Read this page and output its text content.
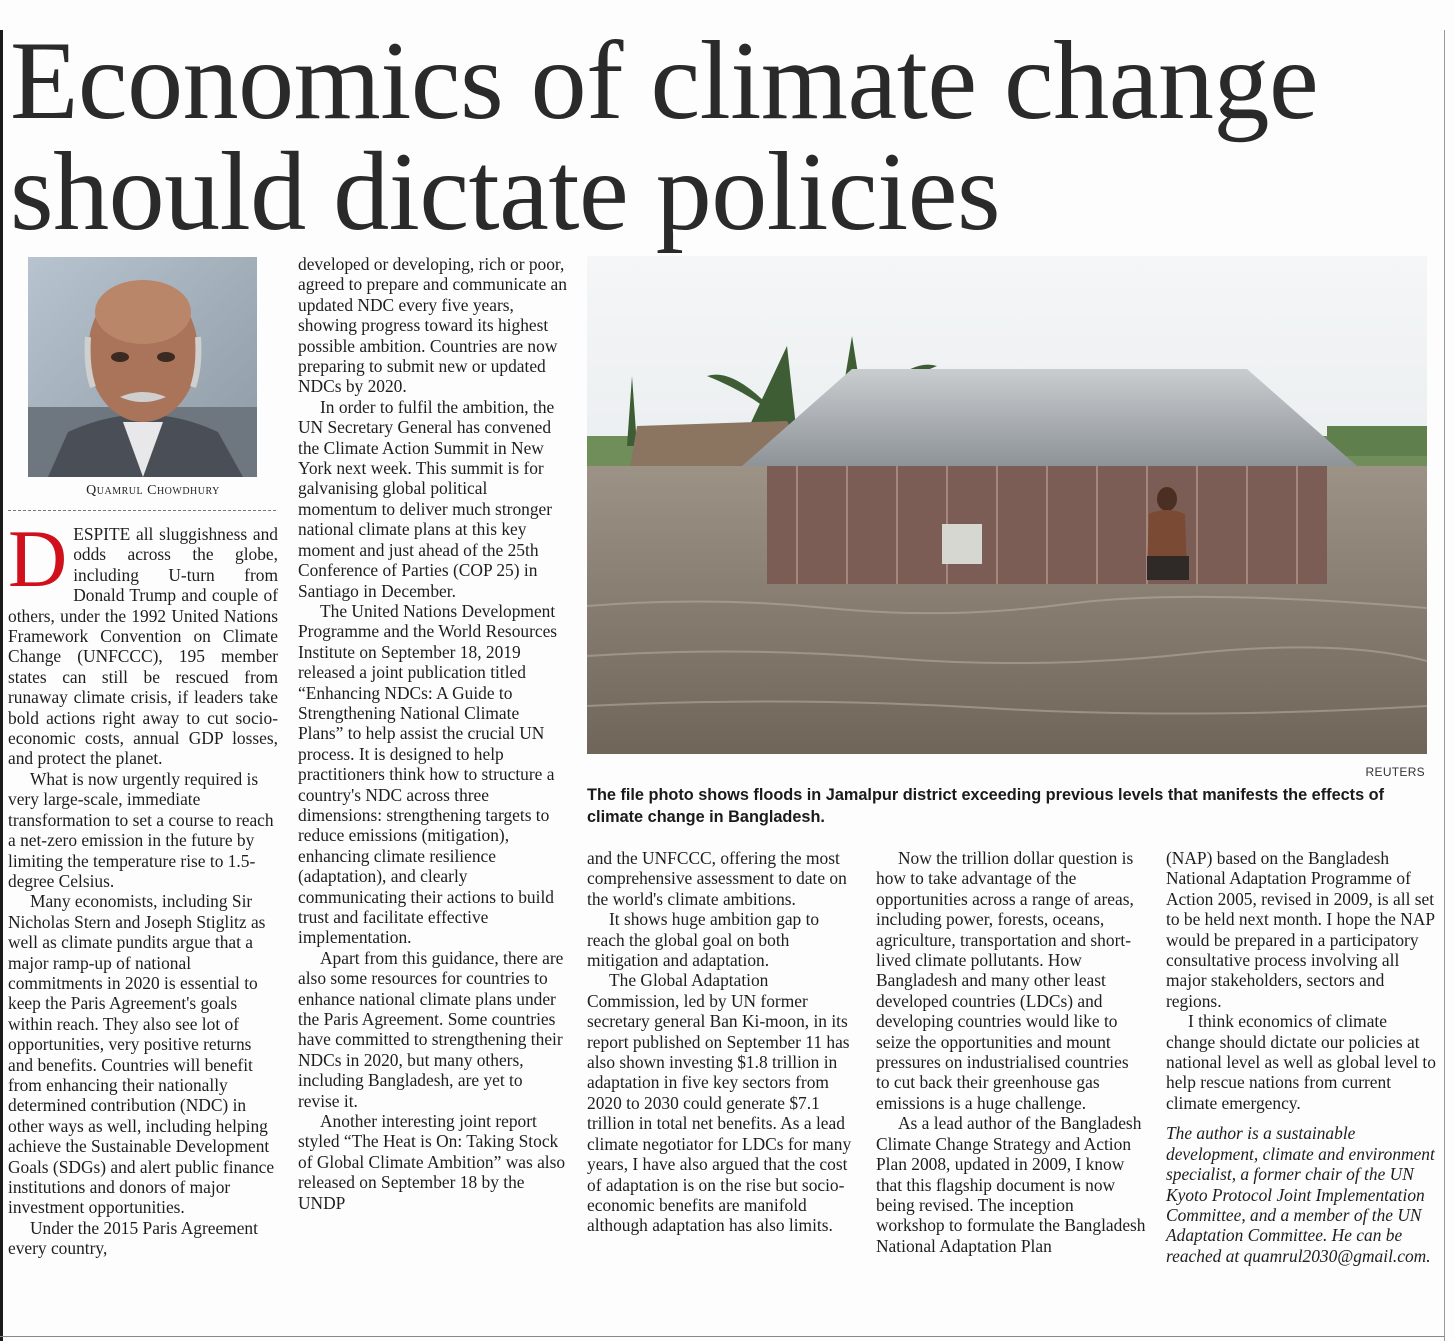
Economics of climate change should dictate policies
Quamrul Chowdhury

DESPITE all sluggishness and odds across the globe, including U-turn from Donald Trump and couple of others, under the 1992 United Nations Framework Convention on Climate Change (UNFCCC), 195 member states can still be rescued from runaway climate crisis, if leaders take bold actions right away to cut socio-economic costs, annual GDP losses, and protect the planet.

What is now urgently required is very large-scale, immediate transformation to set a course to reach a net-zero emission in the future by limiting the temperature rise to 1.5-degree Celsius.

Many economists, including Sir Nicholas Stern and Joseph Stiglitz as well as climate pundits argue that a major ramp-up of national commitments in 2020 is essential to keep the Paris Agreement's goals within reach. They also see lot of opportunities, very positive returns and benefits. Countries will benefit from enhancing their nationally determined contribution (NDC) in other ways as well, including helping achieve the Sustainable Development Goals (SDGs) and alert public finance institutions and donors of major investment opportunities.

Under the 2015 Paris Agreement every country,

developed or developing, rich or poor, agreed to prepare and communicate an updated NDC every five years, showing progress toward its highest possible ambition. Countries are now preparing to submit new or updated NDCs by 2020.

In order to fulfil the ambition, the UN Secretary General has convened the Climate Action Summit in New York next week. This summit is for galvanising global political momentum to deliver much stronger national climate plans at this key moment and just ahead of the 25th Conference of Parties (COP 25) in Santiago in December.

The United Nations Development Programme and the World Resources Institute on September 18, 2019 released a joint publication titled “Enhancing NDCs: A Guide to Strengthening National Climate Plans” to help assist the crucial UN process. It is designed to help practitioners think how to structure a country's NDC across three dimensions: strengthening targets to reduce emissions (mitigation), enhancing climate resilience (adaptation), and clearly communicating their actions to build trust and facilitate effective implementation.

Apart from this guidance, there are also some resources for countries to enhance national climate plans under the Paris Agreement. Some countries have committed to strengthening their NDCs in 2020, but many others, including Bangladesh, are yet to revise it.

Another interesting joint report styled “The Heat is On: Taking Stock of Global Climate Ambition” was also released on September 18 by the UNDP

REUTERS
The file photo shows floods in Jamalpur district exceeding previous levels that manifests the effects of climate change in Bangladesh.

and the UNFCCC, offering the most comprehensive assessment to date on the world's climate ambitions.

It shows huge ambition gap to reach the global goal on both mitigation and adaptation.

The Global Adaptation Commission, led by UN former secretary general Ban Ki-moon, in its report published on September 11 has also shown investing $1.8 trillion in adaptation in five key sectors from 2020 to 2030 could generate $7.1 trillion in total net benefits. As a lead climate negotiator for LDCs for many years, I have also argued that the cost of adaptation is on the rise but socio-economic benefits are manifold although adaptation has also limits.

Now the trillion dollar question is how to take advantage of the opportunities across a range of areas, including power, forests, oceans, agriculture, transportation and short-lived climate pollutants. How Bangladesh and many other least developed countries (LDCs) and developing countries would like to seize the opportunities and mount pressures on industrialised countries to cut back their greenhouse gas emissions is a huge challenge.

As a lead author of the Bangladesh Climate Change Strategy and Action Plan 2008, updated in 2009, I know that this flagship document is now being revised. The inception workshop to formulate the Bangladesh National Adaptation Plan

(NAP) based on the Bangladesh National Adaptation Programme of Action 2005, revised in 2009, is all set to be held next month. I hope the NAP would be prepared in a participatory consultative process involving all major stakeholders, sectors and regions.

I think economics of climate change should dictate our policies at national level as well as global level to help rescue nations from current climate emergency.

The author is a sustainable development, climate and environment specialist, a former chair of the UN Kyoto Protocol Joint Implementation Committee, and a member of the UN Adaptation Committee. He can be reached at quamrul2030@gmail.com.
